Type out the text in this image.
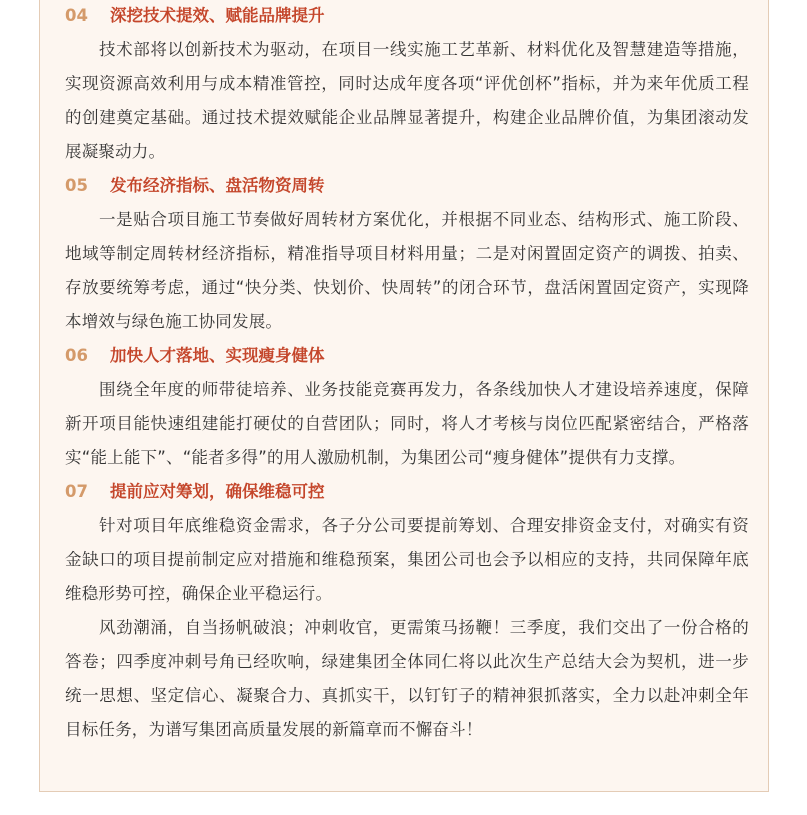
04 深挖技术提效、赋能品牌提升

技术部将以创新技术为驱动，在项目一线实施工艺革新、材料优化及智慧建造等措施，实现资源高效利用与成本精准管控，同时达成年度各项“评优创杯”指标，并为来年优质工程的创建奠定基础。通过技术提效赋能企业品牌显著提升，构建企业品牌价值，为集团滚动发展凝聚动力。

05 发布经济指标、盘活物资周转

一是贴合项目施工节奏做好周转材方案优化，并根据不同业态、结构形式、施工阶段、地域等制定周转材经济指标，精准指导项目材料用量；二是对闲置固定资产的调拨、拍卖、存放要统筹考虑，通过“快分类、快划价、快周转”的闭合环节，盘活闲置固定资产，实现降本增效与绿色施工协同发展。

06 加快人才落地、实现瘦身健体

围绕全年度的师带徒培养、业务技能竞赛再发力，各条线加快人才建设培养速度，保障新开项目能快速组建能打硬仗的自营团队；同时，将人才考核与岗位匹配紧密结合，严格落实“能上能下”、“能者多得”的用人激励机制，为集团公司“瘦身健体”提供有力支撑。

07 提前应对筹划，确保维稳可控

针对项目年底维稳资金需求，各子分公司要提前筹划、合理安排资金支付，对确实有资金缺口的项目提前制定应对措施和维稳预案，集团公司也会予以相应的支持，共同保障年底维稳形势可控，确保企业平稳运行。

风劲潮涌，自当扬帆破浪；冲刺收官，更需策马扬鞭！三季度，我们交出了一份合格的答卷；四季度冲刺号角已经吹响，绿建集团全体同仁将以此次生产总结大会为契机，进一步统一思想、坚定信心、凝聚合力、真抓实干，以钉钉子的精神狠抓落实，全力以赴冲刺全年目标任务，为谱写集团高质量发展的新篇章而不懈奋斗！
